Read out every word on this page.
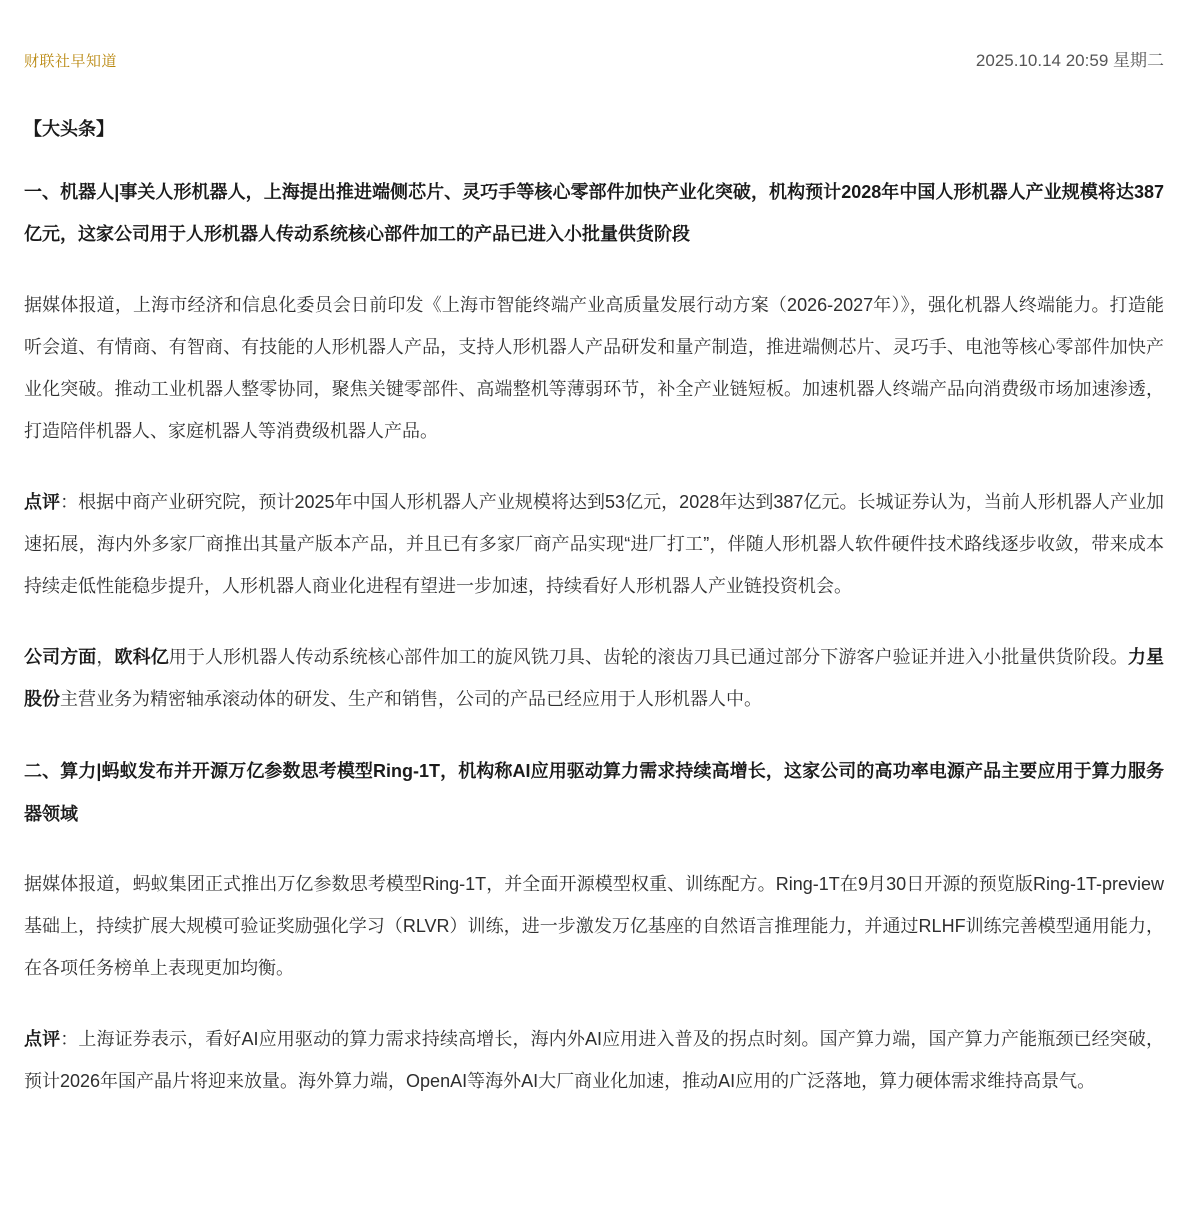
财联社早知道	2025.10.14 20:59 星期二
【大头条】

一、机器人|事关人形机器人，上海提出推进端侧芯片、灵巧手等核心零部件加快产业化突破，机构预计2028年中国人形机器人产业规模将达387亿元，这家公司用于人形机器人传动系统核心部件加工的产品已进入小批量供货阶段

据媒体报道，上海市经济和信息化委员会日前印发《上海市智能终端产业高质量发展行动方案（2026-2027年）》，强化机器人终端能力。打造能听会道、有情商、有智商、有技能的人形机器人产品，支持人形机器人产品研发和量产制造，推进端侧芯片、灵巧手、电池等核心零部件加快产业化突破。推动工业机器人整零协同，聚焦关键零部件、高端整机等薄弱环节，补全产业链短板。加速机器人终端产品向消费级市场加速渗透，打造陪伴机器人、家庭机器人等消费级机器人产品。

点评：根据中商产业研究院，预计2025年中国人形机器人产业规模将达到53亿元，2028年达到387亿元。长城证券认为，当前人形机器人产业加速拓展，海内外多家厂商推出其量产版本产品，并且已有多家厂商产品实现“进厂打工”，伴随人形机器人软件硬件技术路线逐步收敛，带来成本持续走低性能稳步提升，人形机器人商业化进程有望进一步加速，持续看好人形机器人产业链投资机会。

公司方面，欧科亿用于人形机器人传动系统核心部件加工的旋风铣刀具、齿轮的滚齿刀具已通过部分下游客户验证并进入小批量供货阶段。力星股份主营业务为精密轴承滚动体的研发、生产和销售，公司的产品已经应用于人形机器人中。

二、算力|蚂蚁发布并开源万亿参数思考模型Ring-1T，机构称AI应用驱动算力需求持续高增长，这家公司的高功率电源产品主要应用于算力服务器领域

据媒体报道，蚂蚁集团正式推出万亿参数思考模型Ring-1T，并全面开源模型权重、训练配方。Ring-1T在9月30日开源的预览版Ring-1T-preview基础上，持续扩展大规模可验证奖励强化学习（RLVR）训练，进一步激发万亿基座的自然语言推理能力，并通过RLHF训练完善模型通用能力，在各项任务榜单上表现更加均衡。

点评：上海证券表示，看好AI应用驱动的算力需求持续高增长，海内外AI应用进入普及的拐点时刻。国产算力端，国产算力产能瓶颈已经突破，预计2026年国产晶片将迎来放量。海外算力端，OpenAI等海外AI大厂商业化加速，推动AI应用的广泛落地，算力硬体需求维持高景气。
